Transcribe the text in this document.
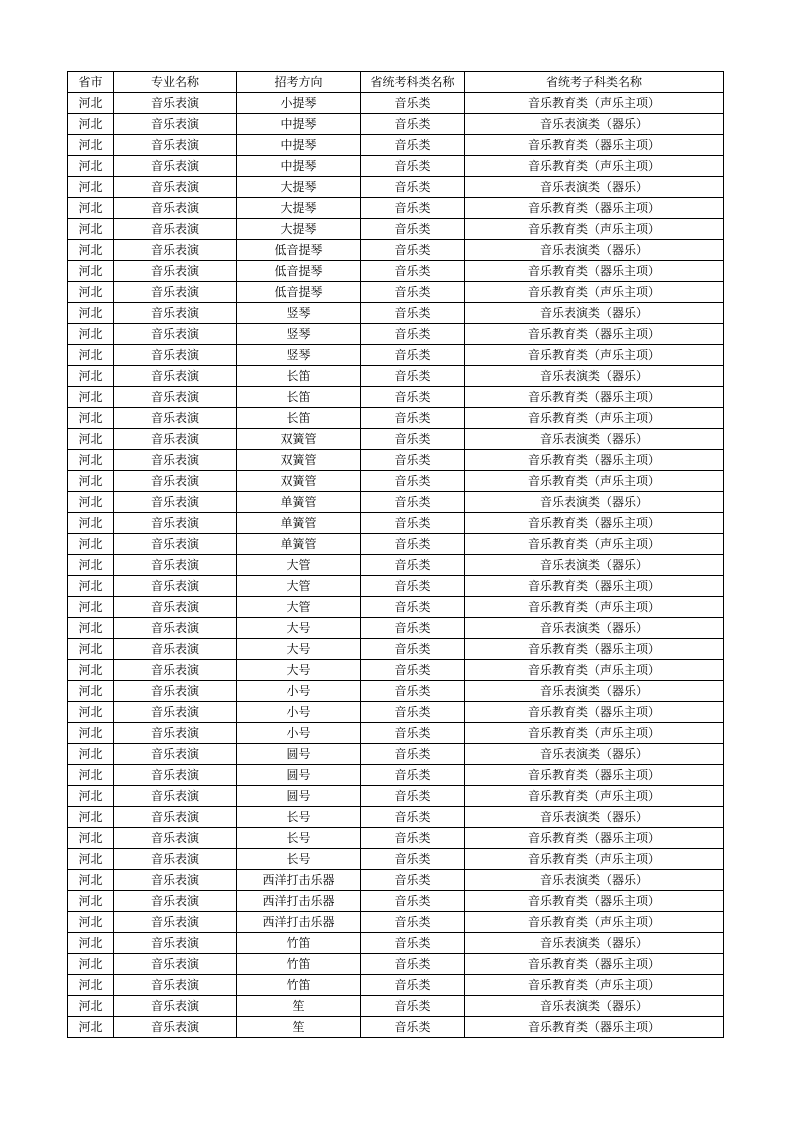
省市	专业名称	招考方向	省统考科类名称	省统考子科类名称
河北	音乐表演	小提琴	音乐类	音乐教育类（声乐主项）
河北	音乐表演	中提琴	音乐类	音乐表演类（器乐）
河北	音乐表演	中提琴	音乐类	音乐教育类（器乐主项）
河北	音乐表演	中提琴	音乐类	音乐教育类（声乐主项）
河北	音乐表演	大提琴	音乐类	音乐表演类（器乐）
河北	音乐表演	大提琴	音乐类	音乐教育类（器乐主项）
河北	音乐表演	大提琴	音乐类	音乐教育类（声乐主项）
河北	音乐表演	低音提琴	音乐类	音乐表演类（器乐）
河北	音乐表演	低音提琴	音乐类	音乐教育类（器乐主项）
河北	音乐表演	低音提琴	音乐类	音乐教育类（声乐主项）
河北	音乐表演	竖琴	音乐类	音乐表演类（器乐）
河北	音乐表演	竖琴	音乐类	音乐教育类（器乐主项）
河北	音乐表演	竖琴	音乐类	音乐教育类（声乐主项）
河北	音乐表演	长笛	音乐类	音乐表演类（器乐）
河北	音乐表演	长笛	音乐类	音乐教育类（器乐主项）
河北	音乐表演	长笛	音乐类	音乐教育类（声乐主项）
河北	音乐表演	双簧管	音乐类	音乐表演类（器乐）
河北	音乐表演	双簧管	音乐类	音乐教育类（器乐主项）
河北	音乐表演	双簧管	音乐类	音乐教育类（声乐主项）
河北	音乐表演	单簧管	音乐类	音乐表演类（器乐）
河北	音乐表演	单簧管	音乐类	音乐教育类（器乐主项）
河北	音乐表演	单簧管	音乐类	音乐教育类（声乐主项）
河北	音乐表演	大管	音乐类	音乐表演类（器乐）
河北	音乐表演	大管	音乐类	音乐教育类（器乐主项）
河北	音乐表演	大管	音乐类	音乐教育类（声乐主项）
河北	音乐表演	大号	音乐类	音乐表演类（器乐）
河北	音乐表演	大号	音乐类	音乐教育类（器乐主项）
河北	音乐表演	大号	音乐类	音乐教育类（声乐主项）
河北	音乐表演	小号	音乐类	音乐表演类（器乐）
河北	音乐表演	小号	音乐类	音乐教育类（器乐主项）
河北	音乐表演	小号	音乐类	音乐教育类（声乐主项）
河北	音乐表演	圆号	音乐类	音乐表演类（器乐）
河北	音乐表演	圆号	音乐类	音乐教育类（器乐主项）
河北	音乐表演	圆号	音乐类	音乐教育类（声乐主项）
河北	音乐表演	长号	音乐类	音乐表演类（器乐）
河北	音乐表演	长号	音乐类	音乐教育类（器乐主项）
河北	音乐表演	长号	音乐类	音乐教育类（声乐主项）
河北	音乐表演	西洋打击乐器	音乐类	音乐表演类（器乐）
河北	音乐表演	西洋打击乐器	音乐类	音乐教育类（器乐主项）
河北	音乐表演	西洋打击乐器	音乐类	音乐教育类（声乐主项）
河北	音乐表演	竹笛	音乐类	音乐表演类（器乐）
河北	音乐表演	竹笛	音乐类	音乐教育类（器乐主项）
河北	音乐表演	竹笛	音乐类	音乐教育类（声乐主项）
河北	音乐表演	笙	音乐类	音乐表演类（器乐）
河北	音乐表演	笙	音乐类	音乐教育类（器乐主项）
